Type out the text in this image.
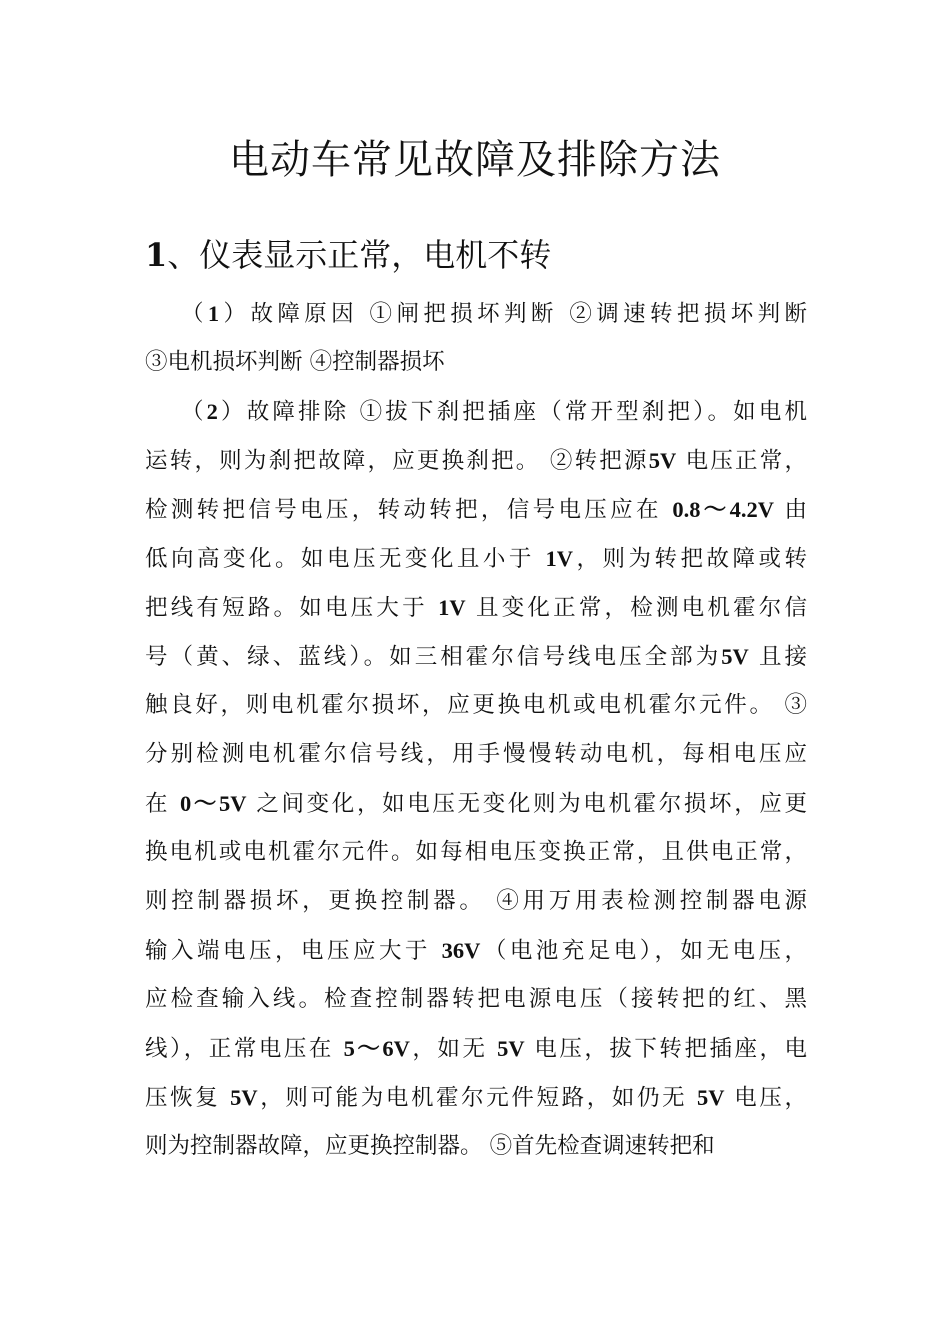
电动车常见故障及排除方法
1、仪表显示正常，电机不转
（1）故障原因 ①闸把损坏判断 ②调速转把损坏判断
③电机损坏判断 ④控制器损坏
（2）故障排除 ①拔下刹把插座（常开型刹把）。如电机
运转，则为刹把故障，应更换刹把。 ②转把源5V 电压正常，
检测转把信号电压，转动转把，信号电压应在 0.8～4.2V 由
低向高变化。如电压无变化且小于 1V，则为转把故障或转
把线有短路。如电压大于 1V 且变化正常，检测电机霍尔信
号（黄、绿、蓝线）。如三相霍尔信号线电压全部为5V 且接
触良好，则电机霍尔损坏，应更换电机或电机霍尔元件。 ③
分别检测电机霍尔信号线，用手慢慢转动电机，每相电压应
在 0～5V 之间变化，如电压无变化则为电机霍尔损坏，应更
换电机或电机霍尔元件。如每相电压变换正常，且供电正常，
则控制器损坏，更换控制器。 ④用万用表检测控制器电源
输入端电压，电压应大于 36V（电池充足电），如无电压，
应检查输入线。检查控制器转把电源电压（接转把的红、黑
线），正常电压在 5～6V，如无 5V 电压，拔下转把插座，电
压恢复 5V，则可能为电机霍尔元件短路，如仍无 5V 电压，
则为控制器故障，应更换控制器。 ⑤首先检查调速转把和
